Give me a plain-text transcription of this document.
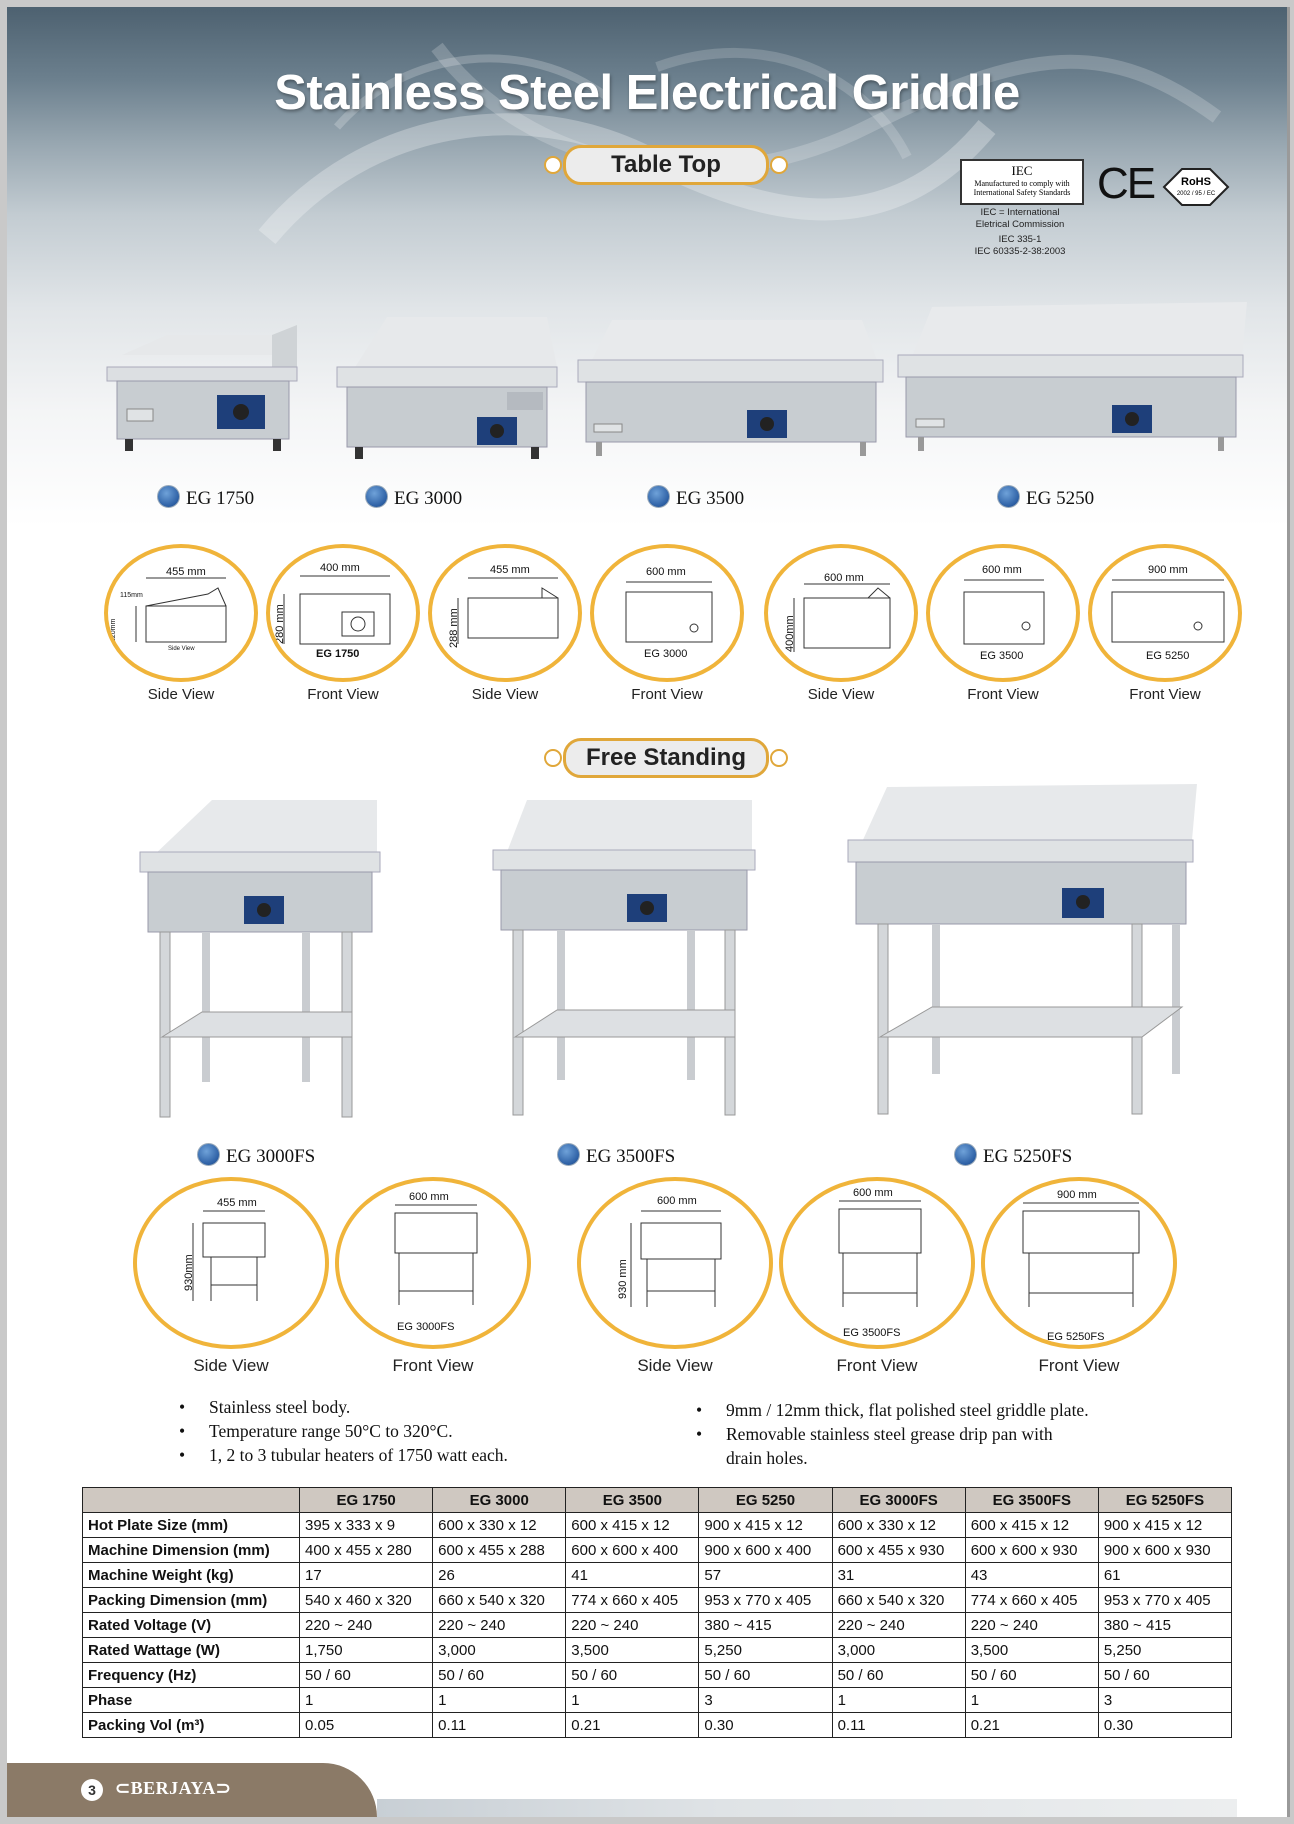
Stainless Steel Electrical Griddle
Table Top	IEC
Manufactured to comply with International Safety Standards
IEC = International
Eletrical Commission
IEC 335-1
IEC 60335-2-38:2003
CE RoHS
2002 / 95 / EC
EG 1750	EG 3000	EG 3500	EG 5250
455 mm
115mm
120mm
Side View
400 mm
280 mm
EG 1750
455 mm
288 mm
600 mm
EG 3000
600 mm
400mm
600 mm
EG 3500
900 mm
EG 5250
Side View	Front View	Side View	Front View	Side View	Front View	Front View
Free Standing
EG 3000FS	EG 3500FS	EG 5250FS
455 mm
930mm
600 mm
EG 3000FS
600 mm
930 mm
600 mm
EG 3500FS
900 mm
EG 5250FS
Side View	Front View	Side View	Front View	Front View
• Stainless steel body.
• Temperature range 50°C to 320°C.
• 1, 2 to 3 tubular heaters of 1750 watt each.
• 9mm / 12mm thick, flat polished steel griddle plate.
• Removable stainless steel grease drip pan with
drain holes.
	EG 1750	EG 3000	EG 3500	EG 5250	EG 3000FS	EG 3500FS	EG 5250FS
Hot Plate Size (mm)	395 x 333 x 9	600 x 330 x 12	600 x 415 x 12	900 x 415 x 12	600 x 330 x 12	600 x 415 x 12	900 x 415 x 12
Machine Dimension (mm)	400 x 455 x 280	600 x 455 x 288	600 x 600 x 400	900 x 600 x 400	600 x 455 x 930	600 x 600 x 930	900 x 600 x 930
Machine Weight (kg)	17	26	41	57	31	43	61
Packing Dimension (mm)	540 x 460 x 320	660 x 540 x 320	774 x 660 x 405	953 x 770 x 405	660 x 540 x 320	774 x 660 x 405	953 x 770 x 405
Rated Voltage (V)	220 ~ 240	220 ~ 240	220 ~ 240	380 ~ 415	220 ~ 240	220 ~ 240	380 ~ 415
Rated Wattage (W)	1,750	3,000	3,500	5,250	3,000	3,500	5,250
Frequency (Hz)	50 / 60	50 / 60	50 / 60	50 / 60	50 / 60	50 / 60	50 / 60
Phase	1	1	1	3	1	1	3
Packing Vol (m³)	0.05	0.11	0.21	0.30	0.11	0.21	0.30
3	⊂BERJAYA⊃
